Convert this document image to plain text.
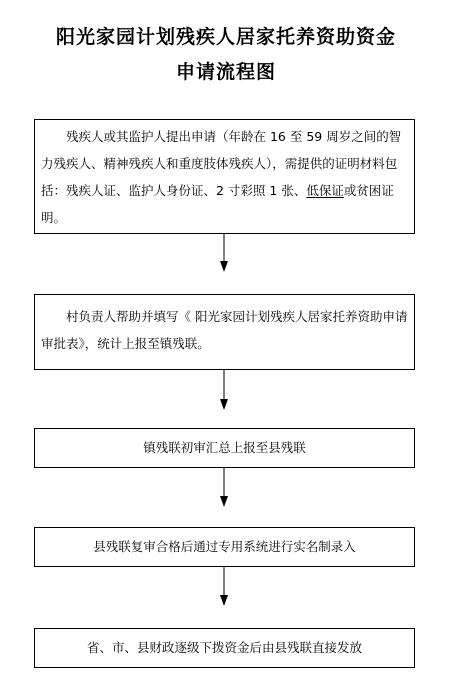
阳光家园计划残疾人居家托养资助资金
申请流程图

残疾人或其监护人提出申请（年龄在 16 至 59 周岁之间的智力残疾人、精神残疾人和重度肢体残疾人），需提供的证明材料包括：残疾人证、监护人身份证、2 寸彩照 1 张、低保证或贫困证明。

村负责人帮助并填写《 阳光家园计划残疾人居家托养资助申请审批表》，统计上报至镇残联。

镇残联初审汇总上报至县残联
县残联复审合格后通过专用系统进行实名制录入
省、市、县财政逐级下拨资金后由县残联直接发放
